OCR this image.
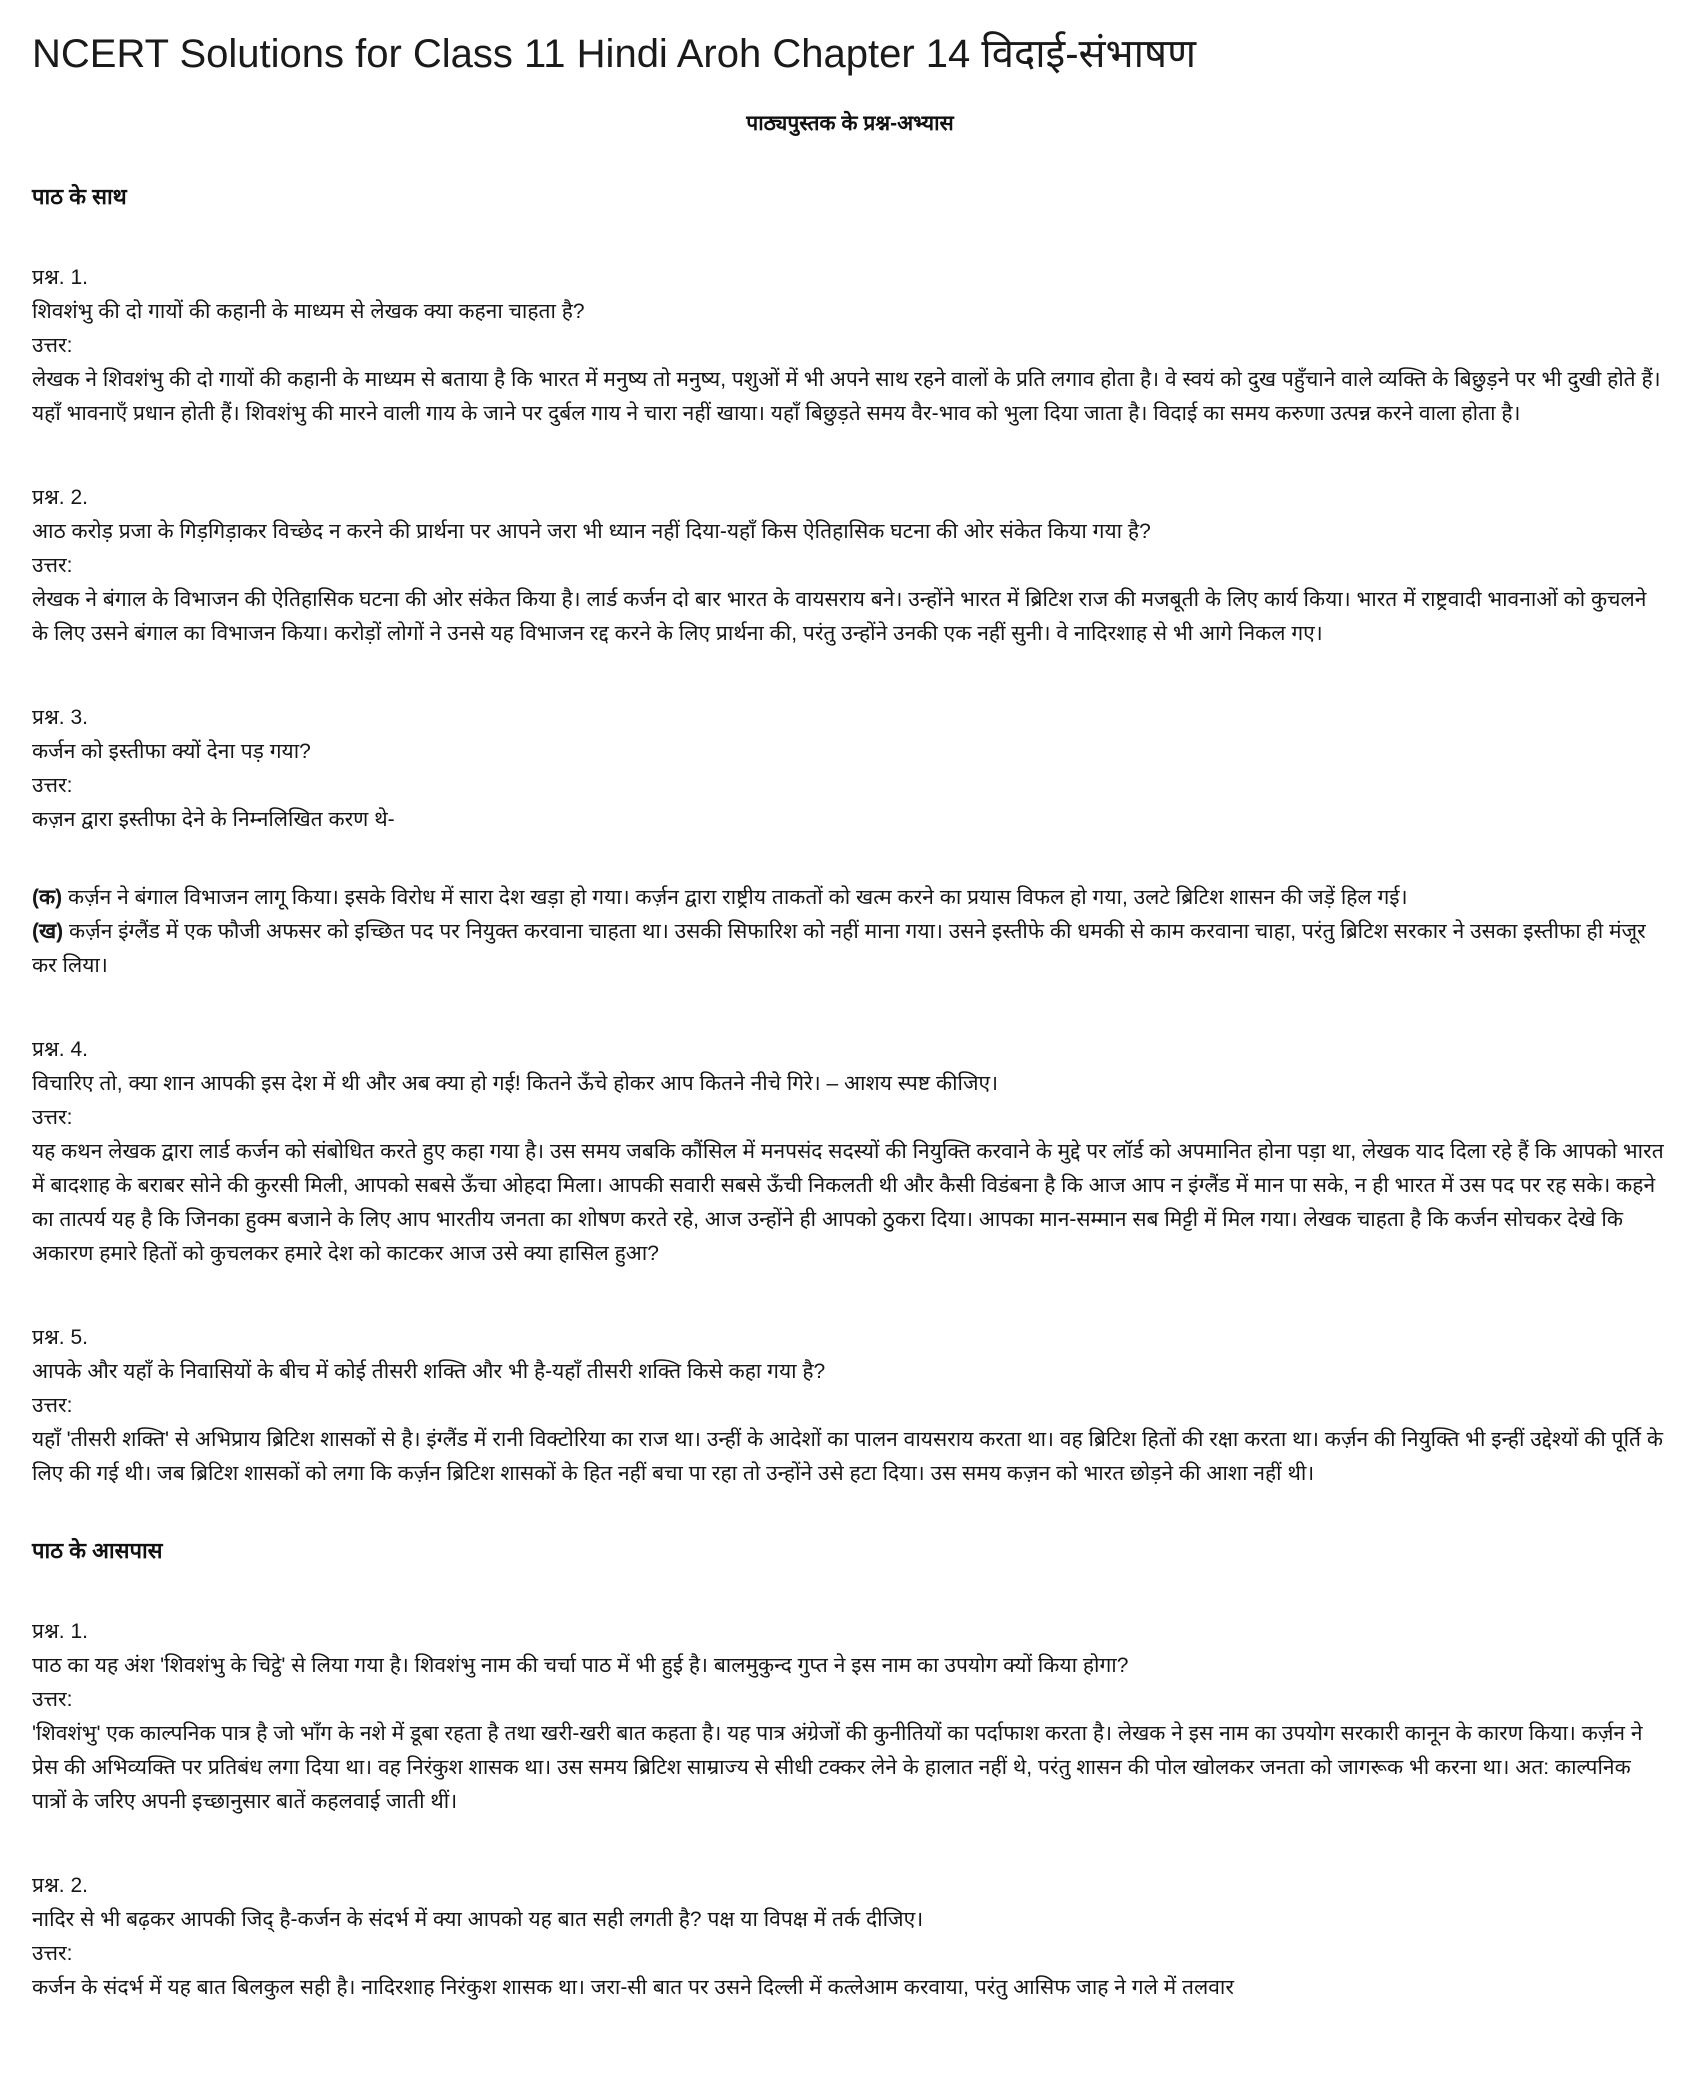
NCERT Solutions for Class 11 Hindi Aroh Chapter 14 विदाई-संभाषण
पाठ्यपुस्तक के प्रश्न-अभ्यास
पाठ के साथ
प्रश्न. 1.
शिवशंभु की दो गायों की कहानी के माध्यम से लेखक क्या कहना चाहता है?
उत्तर:

लेखक ने शिवशंभु की दो गायों की कहानी के माध्यम से बताया है कि भारत में मनुष्य तो मनुष्य, पशुओं में भी अपने साथ रहने वालों के प्रति लगाव होता है। वे स्वयं को दुख पहुँचाने वाले व्यक्ति के बिछुड़ने पर भी दुखी होते हैं। यहाँ भावनाएँ प्रधान होती हैं। शिवशंभु की मारने वाली गाय के जाने पर दुर्बल गाय ने चारा नहीं खाया। यहाँ बिछुड़ते समय वैर-भाव को भुला दिया जाता है। विदाई का समय करुणा उत्पन्न करने वाला होता है।

प्रश्न. 2.
आठ करोड़ प्रजा के गिड़गिड़ाकर विच्छेद न करने की प्रार्थना पर आपने जरा भी ध्यान नहीं दिया-यहाँ किस ऐतिहासिक घटना की ओर संकेत किया गया है?
उत्तर:

लेखक ने बंगाल के विभाजन की ऐतिहासिक घटना की ओर संकेत किया है। लार्ड कर्जन दो बार भारत के वायसराय बने। उन्होंने भारत में ब्रिटिश राज की मजबूती के लिए कार्य किया। भारत में राष्ट्रवादी भावनाओं को कुचलने के लिए उसने बंगाल का विभाजन किया। करोड़ों लोगों ने उनसे यह विभाजन रद्द करने के लिए प्रार्थना की, परंतु उन्होंने उनकी एक नहीं सुनी। वे नादिरशाह से भी आगे निकल गए।

प्रश्न. 3.
कर्जन को इस्तीफा क्यों देना पड़ गया?
उत्तर:

कज़न द्वारा इस्तीफा देने के निम्नलिखित करण थे-

(क) कर्ज़न ने बंगाल विभाजन लागू किया। इसके विरोध में सारा देश खड़ा हो गया। कर्ज़न द्वारा राष्ट्रीय ताकतों को खत्म करने का प्रयास विफल हो गया, उलटे ब्रिटिश शासन की जड़ें हिल गई।

(ख) कर्ज़न इंग्लैंड में एक फौजी अफसर को इच्छित पद पर नियुक्त करवाना चाहता था। उसकी सिफारिश को नहीं माना गया। उसने इस्तीफे की धमकी से काम करवाना चाहा, परंतु ब्रिटिश सरकार ने उसका इस्तीफा ही मंजूर कर लिया।

प्रश्न. 4.
विचारिए तो, क्या शान आपकी इस देश में थी और अब क्या हो गई! कितने ऊँचे होकर आप कितने नीचे गिरे। – आशय स्पष्ट कीजिए।
उत्तर:

यह कथन लेखक द्वारा लार्ड कर्जन को संबोधित करते हुए कहा गया है। उस समय जबकि कौंसिल में मनपसंद सदस्यों की नियुक्ति करवाने के मुद्दे पर लॉर्ड को अपमानित होना पड़ा था, लेखक याद दिला रहे हैं कि आपको भारत में बादशाह के बराबर सोने की कुरसी मिली, आपको सबसे ऊँचा ओहदा मिला। आपकी सवारी सबसे ऊँची निकलती थी और कैसी विडंबना है कि आज आप न इंग्लैंड में मान पा सके, न ही भारत में उस पद पर रह सके। कहने का तात्पर्य यह है कि जिनका हुक्म बजाने के लिए आप भारतीय जनता का शोषण करते रहे, आज उन्होंने ही आपको ठुकरा दिया। आपका मान-सम्मान सब मिट्टी में मिल गया। लेखक चाहता है कि कर्जन सोचकर देखे कि अकारण हमारे हितों को कुचलकर हमारे देश को काटकर आज उसे क्या हासिल हुआ?

प्रश्न. 5.
आपके और यहाँ के निवासियों के बीच में कोई तीसरी शक्ति और भी है-यहाँ तीसरी शक्ति किसे कहा गया है?
उत्तर:

यहाँ 'तीसरी शक्ति' से अभिप्राय ब्रिटिश शासकों से है। इंग्लैंड में रानी विक्टोरिया का राज था। उन्हीं के आदेशों का पालन वायसराय करता था। वह ब्रिटिश हितों की रक्षा करता था। कर्ज़न की नियुक्ति भी इन्हीं उद्देश्यों की पूर्ति के लिए की गई थी। जब ब्रिटिश शासकों को लगा कि कर्ज़न ब्रिटिश शासकों के हित नहीं बचा पा रहा तो उन्होंने उसे हटा दिया। उस समय कज़न को भारत छोड़ने की आशा नहीं थी।

पाठ के आसपास
प्रश्न. 1.
पाठ का यह अंश 'शिवशंभु के चिट्ठे' से लिया गया है। शिवशंभु नाम की चर्चा पाठ में भी हुई है। बालमुकुन्द गुप्त ने इस नाम का उपयोग क्यों किया होगा?
उत्तर:

'शिवशंभु' एक काल्पनिक पात्र है जो भाँग के नशे में डूबा रहता है तथा खरी-खरी बात कहता है। यह पात्र अंग्रेजों की कुनीतियों का पर्दाफाश करता है। लेखक ने इस नाम का उपयोग सरकारी कानून के कारण किया। कर्ज़न ने प्रेस की अभिव्यक्ति पर प्रतिबंध लगा दिया था। वह निरंकुश शासक था। उस समय ब्रिटिश साम्राज्य से सीधी टक्कर लेने के हालात नहीं थे, परंतु शासन की पोल खोलकर जनता को जागरूक भी करना था। अत: काल्पनिक पात्रों के जरिए अपनी इच्छानुसार बातें कहलवाई जाती थीं।

प्रश्न. 2.
नादिर से भी बढ़कर आपकी जिद् है-कर्जन के संदर्भ में क्या आपको यह बात सही लगती है? पक्ष या विपक्ष में तर्क दीजिए।
उत्तर:

कर्जन के संदर्भ में यह बात बिलकुल सही है। नादिरशाह निरंकुश शासक था। जरा-सी बात पर उसने दिल्ली में कत्लेआम करवाया, परंतु आसिफ जाह ने गले में तलवार
